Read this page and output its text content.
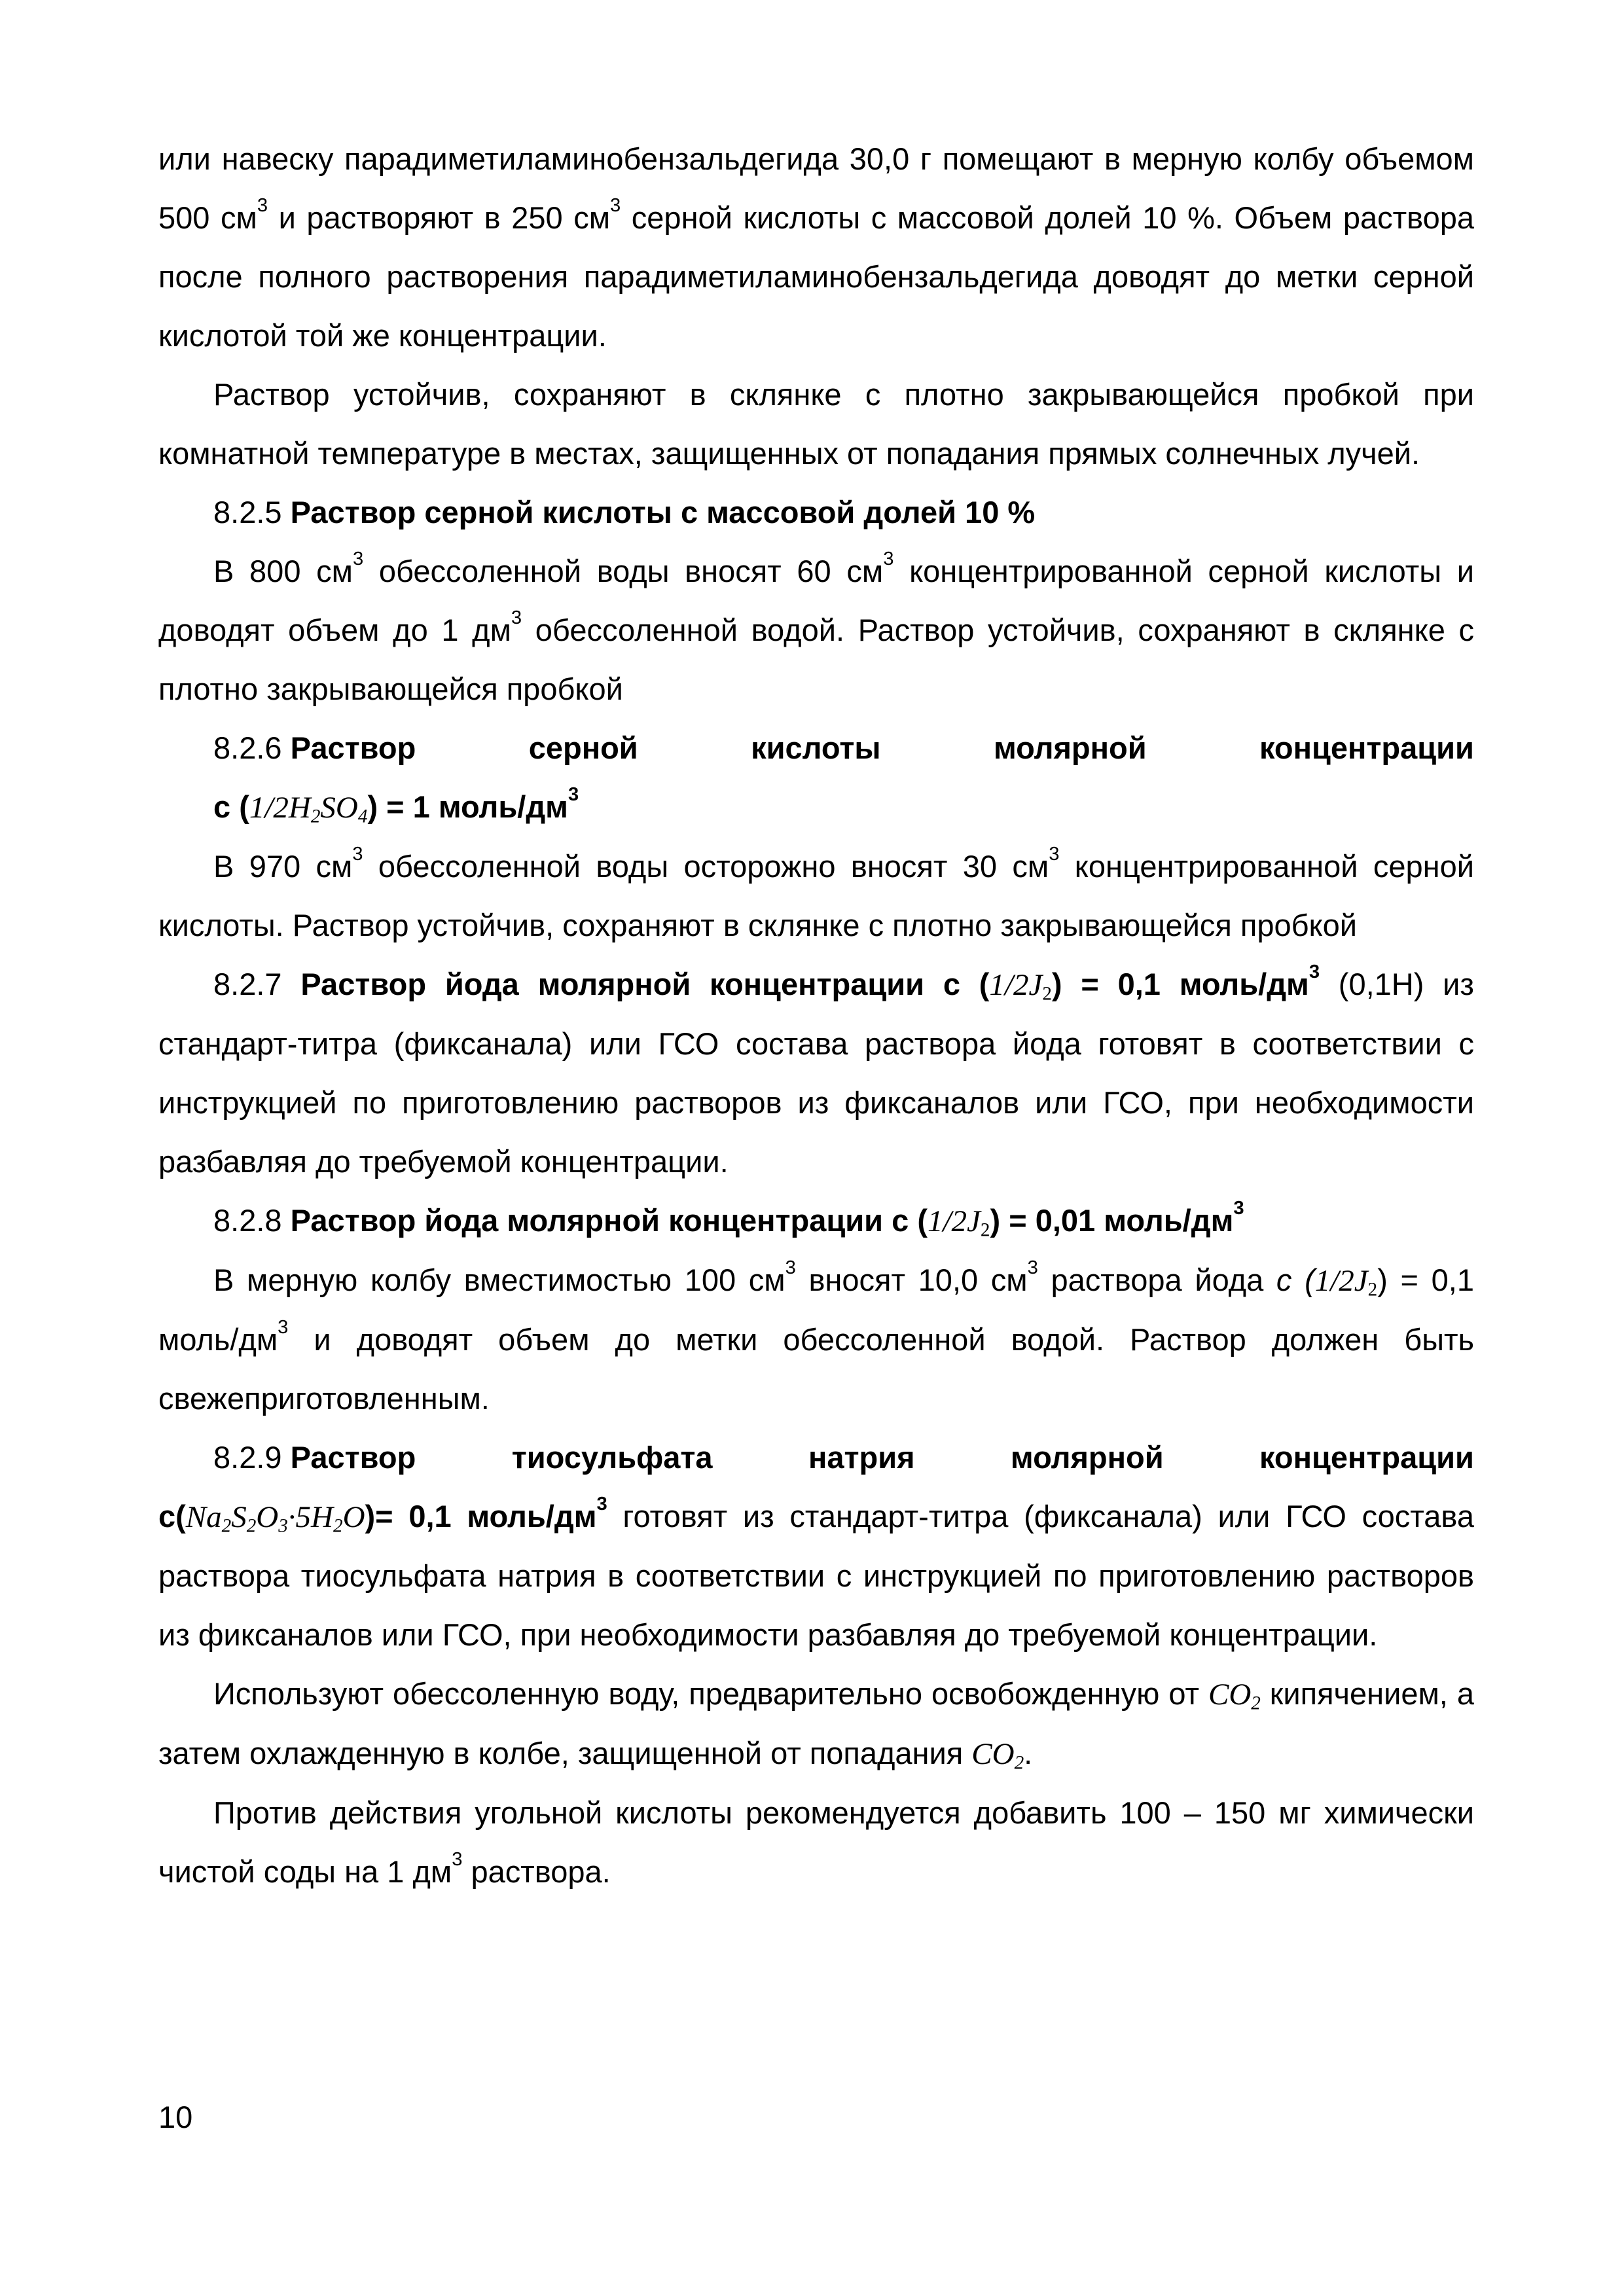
или навеску парадиметиламинобензальдегида 30,0 г помещают в мерную колбу объемом 500 $см^3$ и растворяют в 250 $см^3$ серной кислоты с массовой долей 10 %. Объем раствора после полного растворения парадиметиламинобензальдегида доводят до метки серной кислотой той же концентрации.

Раствор устойчив, сохраняют в склянке с плотно закрывающейся пробкой при комнатной температуре в местах, защищенных от попадания прямых солнечных лучей.

8.2.5 Раствор серной кислоты с массовой долей 10 %

В 800 $см^3$ обессоленной воды вносят 60 $см^3$ концентрированной серной кислоты и доводят объем до 1 $дм^3$ обессоленной водой. Раствор устойчив, сохраняют в склянке с плотно закрывающейся пробкой

8.2.6 Раствор	серной	кислоты	молярной	концентрации

с $(1/2H_2SO_4) = 1$ моль/$дм^3$

В 970 $см^3$ обессоленной воды осторожно вносят 30 $см^3$ концентрированной серной кислоты. Раствор устойчив, сохраняют в склянке с плотно закрывающейся пробкой

8.2.7 Раствор йода молярной концентрации с $(1/2J_2) = 0,1$ моль/$дм^3$ (0,1Н) из стандарт-титра (фиксанала) или ГСО состава раствора йода готовят в соответствии с инструкцией по приготовлению растворов из фиксаналов или ГСО, при необходимости разбавляя до требуемой концентрации.

8.2.8 Раствор йода молярной концентрации с $(1/2J_2) = 0,01$ моль/$дм^3$

В мерную колбу вместимостью 100 $см^3$ вносят 10,0 $см^3$ раствора йода с $(1/2J_2) = 0,1$ моль/$дм^3$ и доводят объем до метки обессоленной водой. Раствор должен быть свежеприготовленным.

8.2.9 Раствор	тиосульфата	натрия	молярной	концентрации

$с(Na_2S_2O_3\cdot 5H_2O)= 0,1$ моль/$дм^3$ готовят из стандарт-титра (фиксанала) или ГСО состава раствора тиосульфата натрия в соответствии с инструкцией по приготовлению растворов из фиксаналов или ГСО, при необходимости разбавляя до требуемой концентрации.

Используют обессоленную воду, предварительно освобожденную от $CO_2$ кипячением, а затем охлажденную в колбе, защищенной от попадания $CO_2$.

Против действия угольной кислоты рекомендуется добавить 100 – 150 мг химически чистой соды на 1 $дм^3$ раствора.

10
